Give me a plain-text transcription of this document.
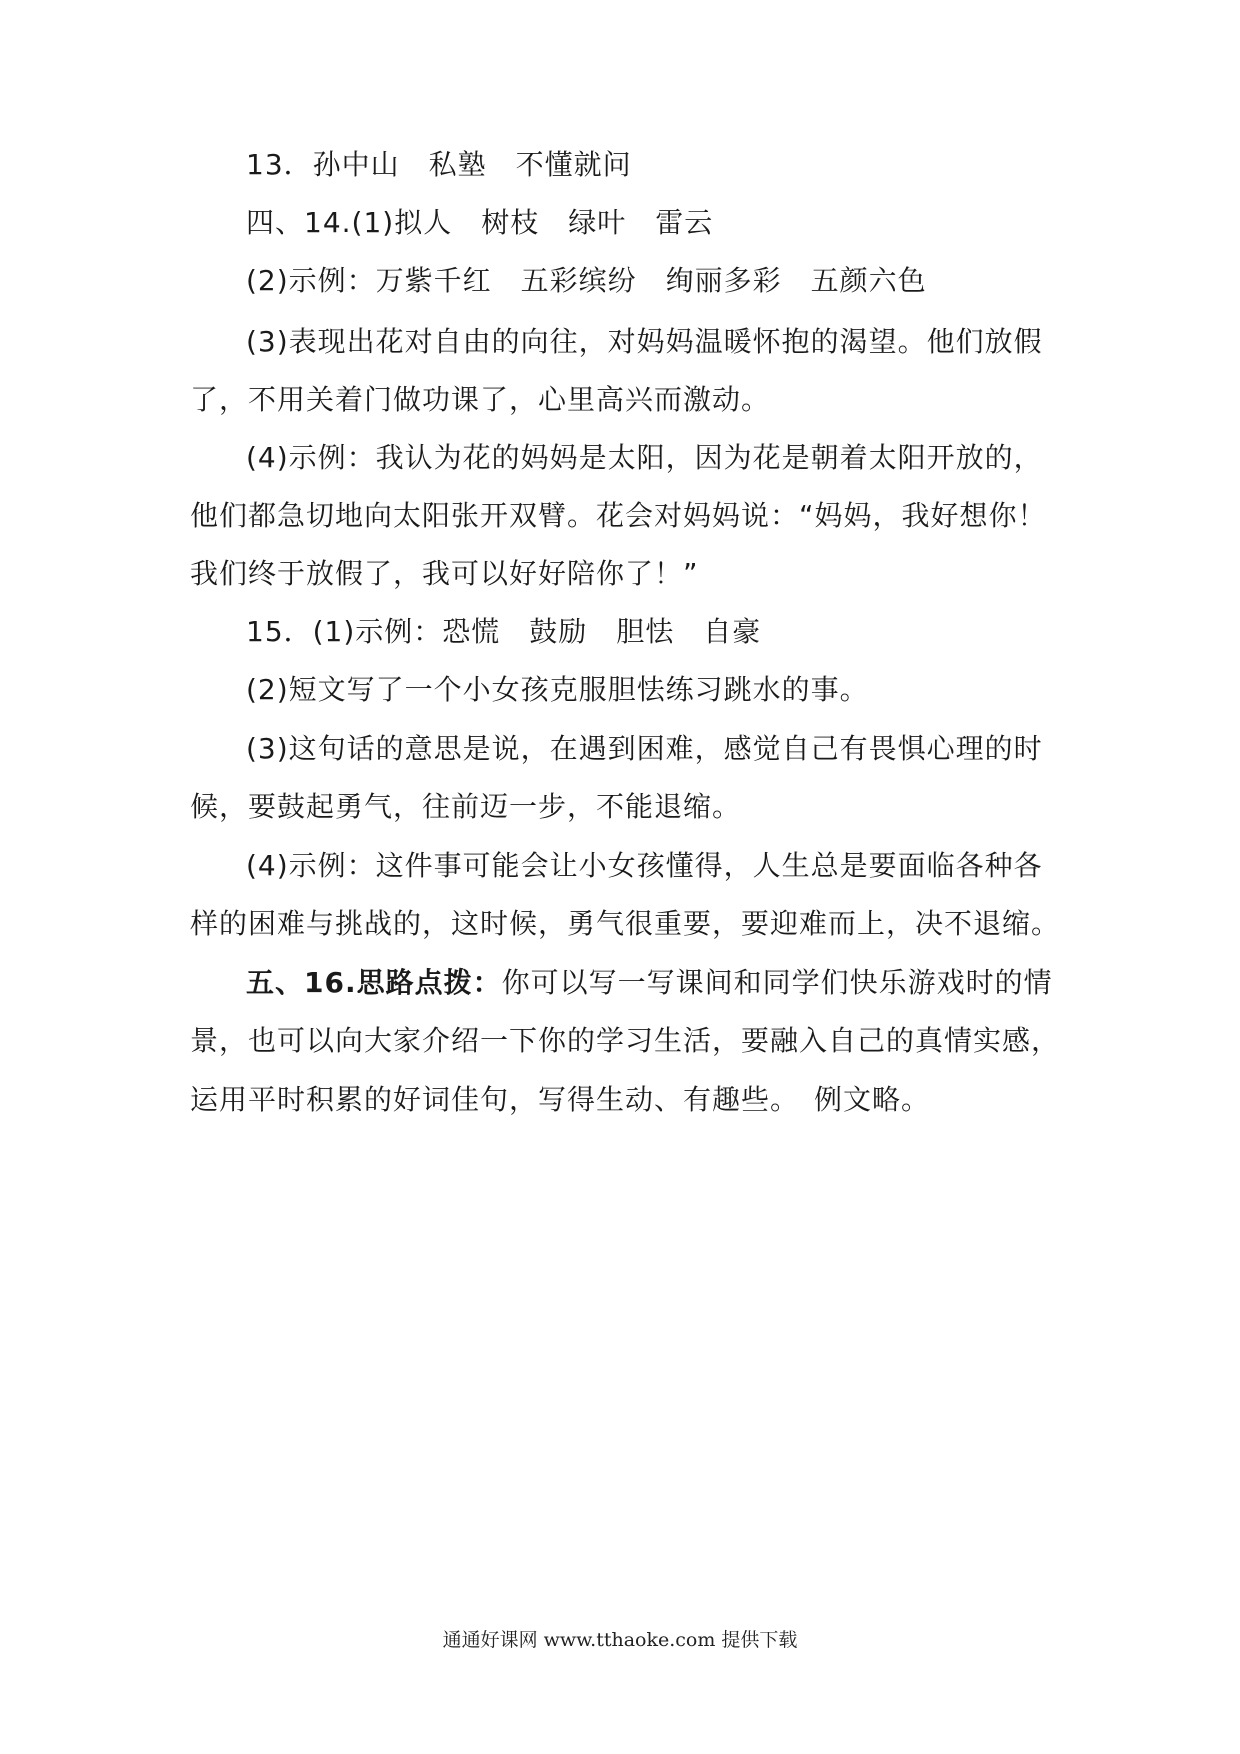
13．孙中山　私塾　不懂就问
四、14.(1)拟人　树枝　绿叶　雷云
(2)示例：万紫千红　五彩缤纷　绚丽多彩　五颜六色
(3)表现出花对自由的向往，对妈妈温暖怀抱的渴望。他们放假
了，不用关着门做功课了，心里高兴而激动。
(4)示例：我认为花的妈妈是太阳，因为花是朝着太阳开放的，
他们都急切地向太阳张开双臂。花会对妈妈说：“妈妈，我好想你！
我们终于放假了，我可以好好陪你了！”
15．(1)示例：恐慌　鼓励　胆怯　自豪
(2)短文写了一个小女孩克服胆怯练习跳水的事。
(3)这句话的意思是说，在遇到困难，感觉自己有畏惧心理的时
候，要鼓起勇气，往前迈一步，不能退缩。
(4)示例：这件事可能会让小女孩懂得，人生总是要面临各种各
样的困难与挑战的，这时候，勇气很重要，要迎难而上，决不退缩。
五、16.思路点拨：你可以写一写课间和同学们快乐游戏时的情
景，也可以向大家介绍一下你的学习生活，要融入自己的真情实感，
运用平时积累的好词佳句，写得生动、有趣些。　例文略。
通通好课网 www.tthaoke.com 提供下载
